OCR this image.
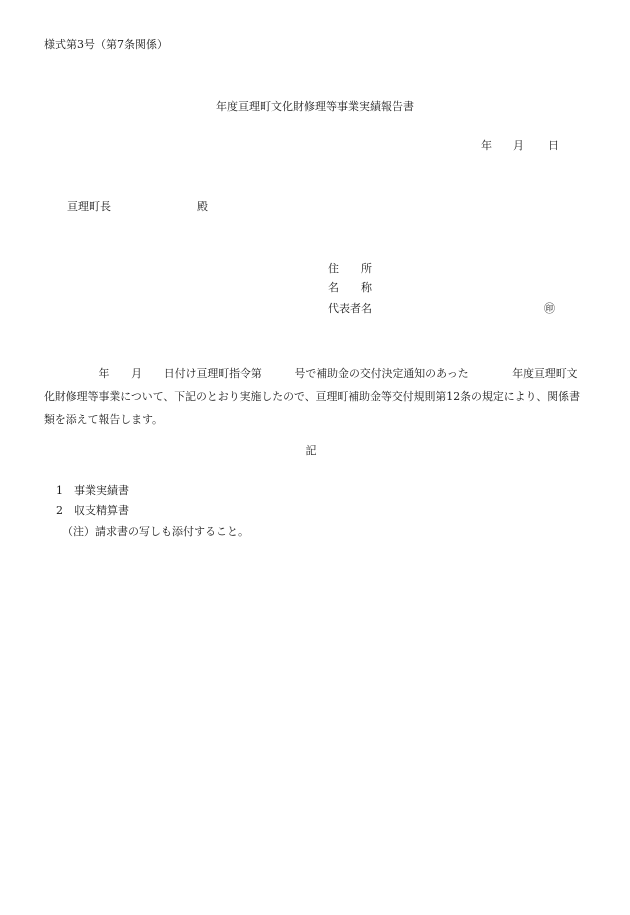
様式第3号（第7条関係）
年度亘理町文化財修理等事業実績報告書
年 月 日
亘理町長	殿
住　　所
名　　称
代表者名	㊞
　　　　　年　　月　　日付け亘理町指令第　　　号で補助金の交付決定通知のあった　　　　年度亘理町文化財修理等事業について、下記のとおり実施したので、亘理町補助金等交付規則第12条の規定により、関係書類を添えて報告します。
記
1　事業実績書
2　収支精算書
（注）請求書の写しも添付すること。
